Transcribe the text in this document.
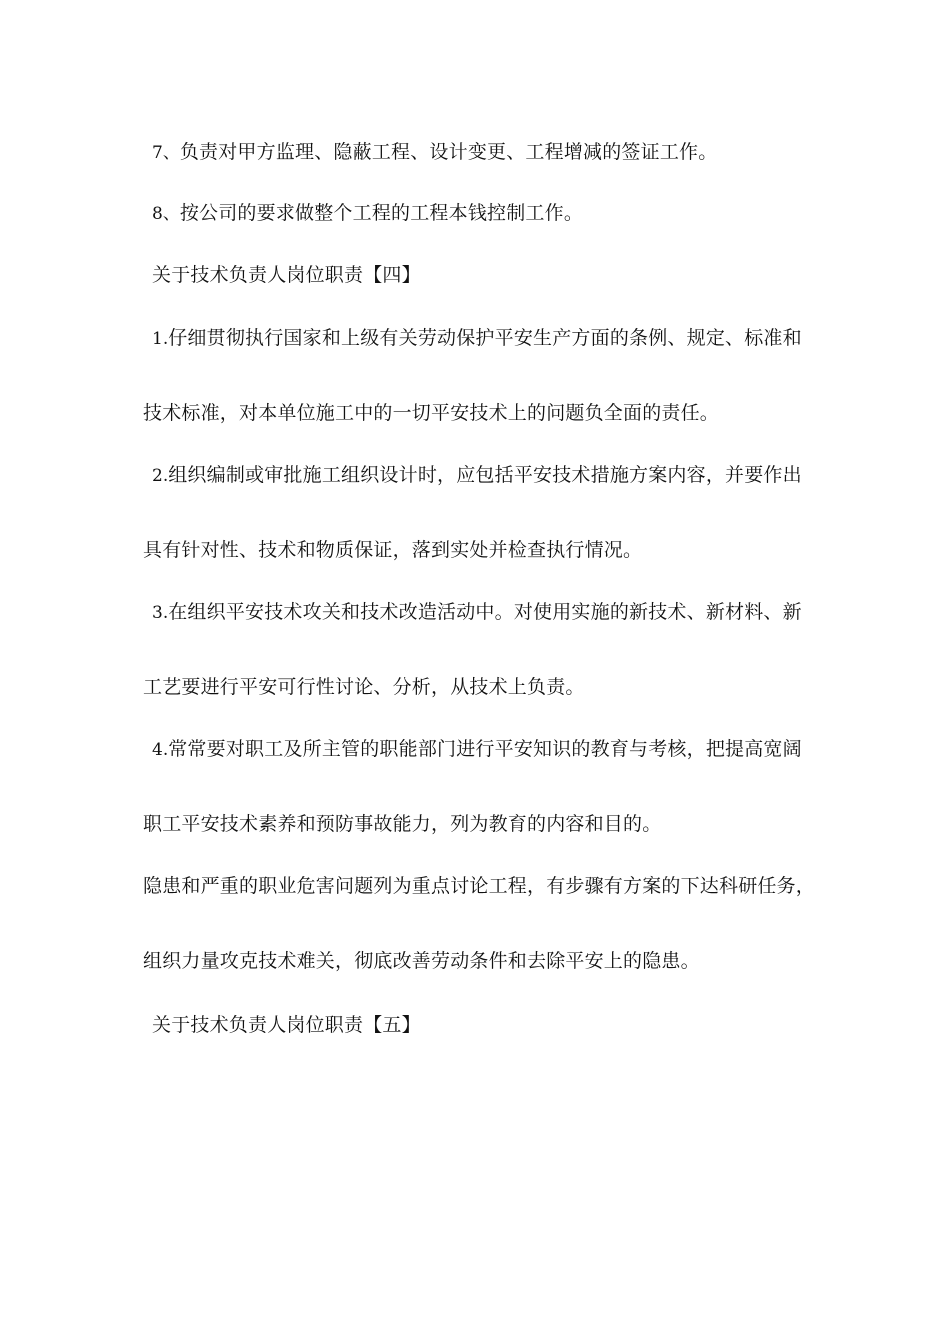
7、负责对甲方监理、隐蔽工程、设计变更、工程增减的签证工作。
8、按公司的要求做整个工程的工程本钱控制工作。
关于技术负责人岗位职责【四】
1.仔细贯彻执行国家和上级有关劳动保护平安生产方面的条例、规定、标准和
技术标准，对本单位施工中的一切平安技术上的问题负全面的责任。
2.组织编制或审批施工组织设计时，应包括平安技术措施方案内容，并要作出
具有针对性、技术和物质保证，落到实处并检查执行情况。
3.在组织平安技术攻关和技术改造活动中。对使用实施的新技术、新材料、新
工艺要进行平安可行性讨论、分析，从技术上负责。
4.常常要对职工及所主管的职能部门进行平安知识的教育与考核，把提高宽阔
职工平安技术素养和预防事故能力，列为教育的内容和目的。
隐患和严重的职业危害问题列为重点讨论工程，有步骤有方案的下达科研任务，
组织力量攻克技术难关，彻底改善劳动条件和去除平安上的隐患。
关于技术负责人岗位职责【五】
